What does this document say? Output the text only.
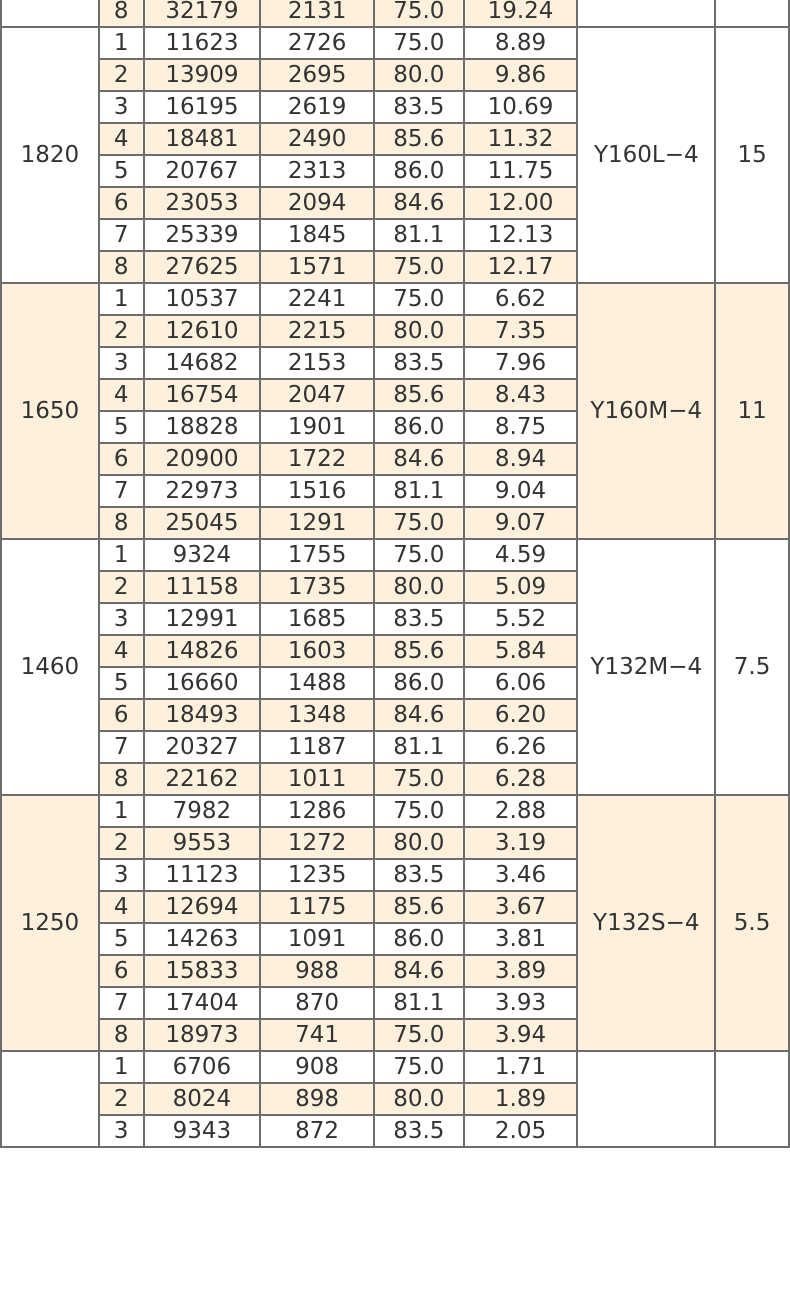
	8	32179	2131	75.0	19.24		
1820	1	11623	2726	75.0	8.89	Y160L−4	15
	2	13909	2695	80.0	9.86		
	3	16195	2619	83.5	10.69		
	4	18481	2490	85.6	11.32		
	5	20767	2313	86.0	11.75		
	6	23053	2094	84.6	12.00		
	7	25339	1845	81.1	12.13		
	8	27625	1571	75.0	12.17		
1650	1	10537	2241	75.0	6.62	Y160M−4	11
	2	12610	2215	80.0	7.35		
	3	14682	2153	83.5	7.96		
	4	16754	2047	85.6	8.43		
	5	18828	1901	86.0	8.75		
	6	20900	1722	84.6	8.94		
	7	22973	1516	81.1	9.04		
	8	25045	1291	75.0	9.07		
1460	1	9324	1755	75.0	4.59	Y132M−4	7.5
	2	11158	1735	80.0	5.09		
	3	12991	1685	83.5	5.52		
	4	14826	1603	85.6	5.84		
	5	16660	1488	86.0	6.06		
	6	18493	1348	84.6	6.20		
	7	20327	1187	81.1	6.26		
	8	22162	1011	75.0	6.28		
1250	1	7982	1286	75.0	2.88	Y132S−4	5.5
	2	9553	1272	80.0	3.19		
	3	11123	1235	83.5	3.46		
	4	12694	1175	85.6	3.67		
	5	14263	1091	86.0	3.81		
	6	15833	988	84.6	3.89		
	7	17404	870	81.1	3.93		
	8	18973	741	75.0	3.94		
	1	6706	908	75.0	1.71		
	2	8024	898	80.0	1.89		
	3	9343	872	83.5	2.05		
